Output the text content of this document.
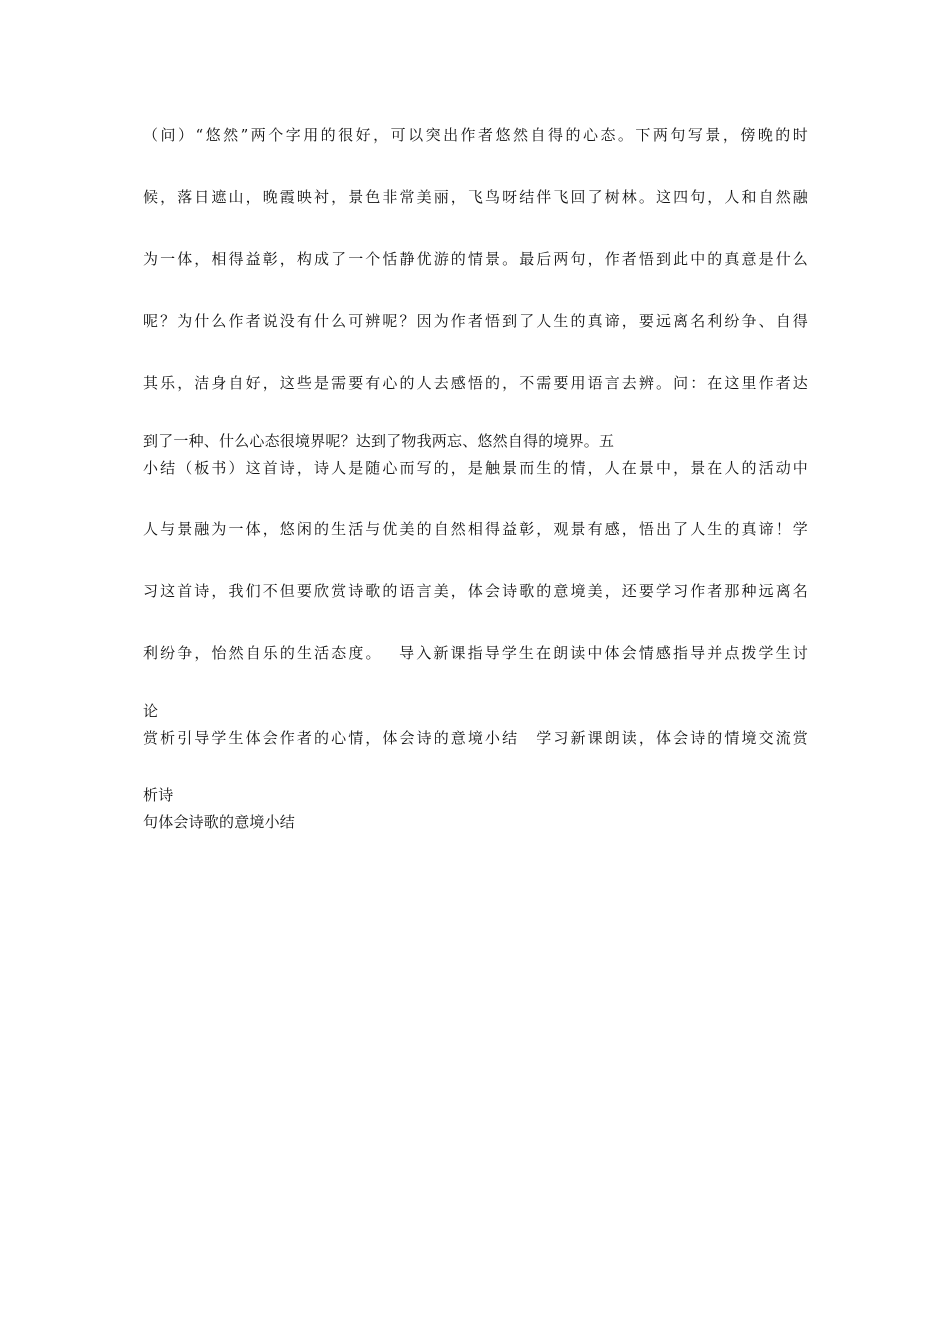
（问）“悠然”两个字用的很好，可以突出作者悠然自得的心态。下两句写景，傍晚的时
候，落日遮山，晚霞映衬，景色非常美丽，飞鸟呀结伴飞回了树林。这四句，人和自然融
为一体，相得益彰，构成了一个恬静优游的情景。最后两句，作者悟到此中的真意是什么
呢？为什么作者说没有什么可辨呢？因为作者悟到了人生的真谛，要远离名利纷争、自得
其乐，洁身自好，这些是需要有心的人去感悟的，不需要用语言去辨。问：在这里作者达
到了一种、什么心态很境界呢？达到了物我两忘、悠然自得的境界。五
小结（板书）这首诗，诗人是随心而写的，是触景而生的情，人在景中，景在人的活动中
人与景融为一体，悠闲的生活与优美的自然相得益彰，观景有感，悟出了人生的真谛！学
习这首诗，我们不但要欣赏诗歌的语言美，体会诗歌的意境美，还要学习作者那种远离名
利纷争，怡然自乐的生活态度。　 导入新课指导学生在朗读中体会情感指导并点拨学生讨
论
赏析引导学生体会作者的心情，体会诗的意境小结　学习新课朗读，体会诗的情境交流赏
析诗
句体会诗歌的意境小结
